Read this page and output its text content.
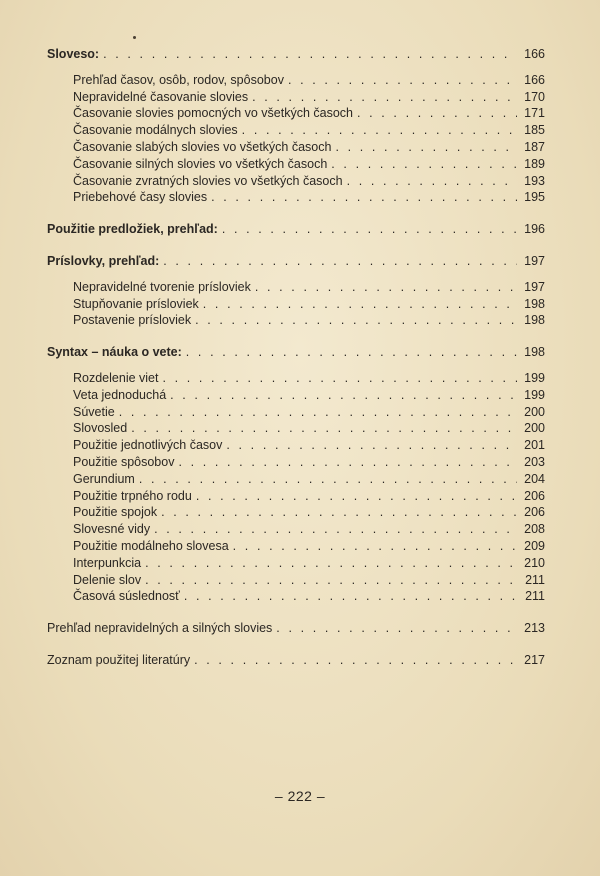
Sloveso: . . .	166
Prehľad časov, osôb, rodov, spôsobov . . .	166
Nepravidelné časovanie slovies . . .	170
Časovanie slovies pomocných vo všetkých časoch . . .	171
Časovanie modálnych slovies . . .	185
Časovanie slabých slovies vo všetkých časoch . . .	187
Časovanie silných slovies vo všetkých časoch . . .	189
Časovanie zvratných slovies vo všetkých časoch . . .	193
Priebehové časy slovies . . .	195
Použitie predložiek, prehľad: . . .	196
Príslovky, prehľad: . . .	197
Nepravidelné tvorenie prísloviek . . .	197
Stupňovanie prísloviek . . .	198
Postavenie prísloviek . . .	198
Syntax – náuka o vete: . . .	198
Rozdelenie viet . . .	199
Veta jednoduchá . . .	199
Súvetie . . .	200
Slovosled . . .	200
Použitie jednotlivých časov . . .	201
Použitie spôsobov . . .	203
Gerundium . . .	204
Použitie trpného rodu . . .	206
Použitie spojok . . .	206
Slovesné vidy . . .	208
Použitie modálneho slovesa . . .	209
Interpunkcia . . .	210
Delenie slov . . .	211
Časová súslednosť . . .	211
Prehľad nepravidelných a silných slovies . . .	213
Zoznam použitej literatúry . . .	217
– 222 –
